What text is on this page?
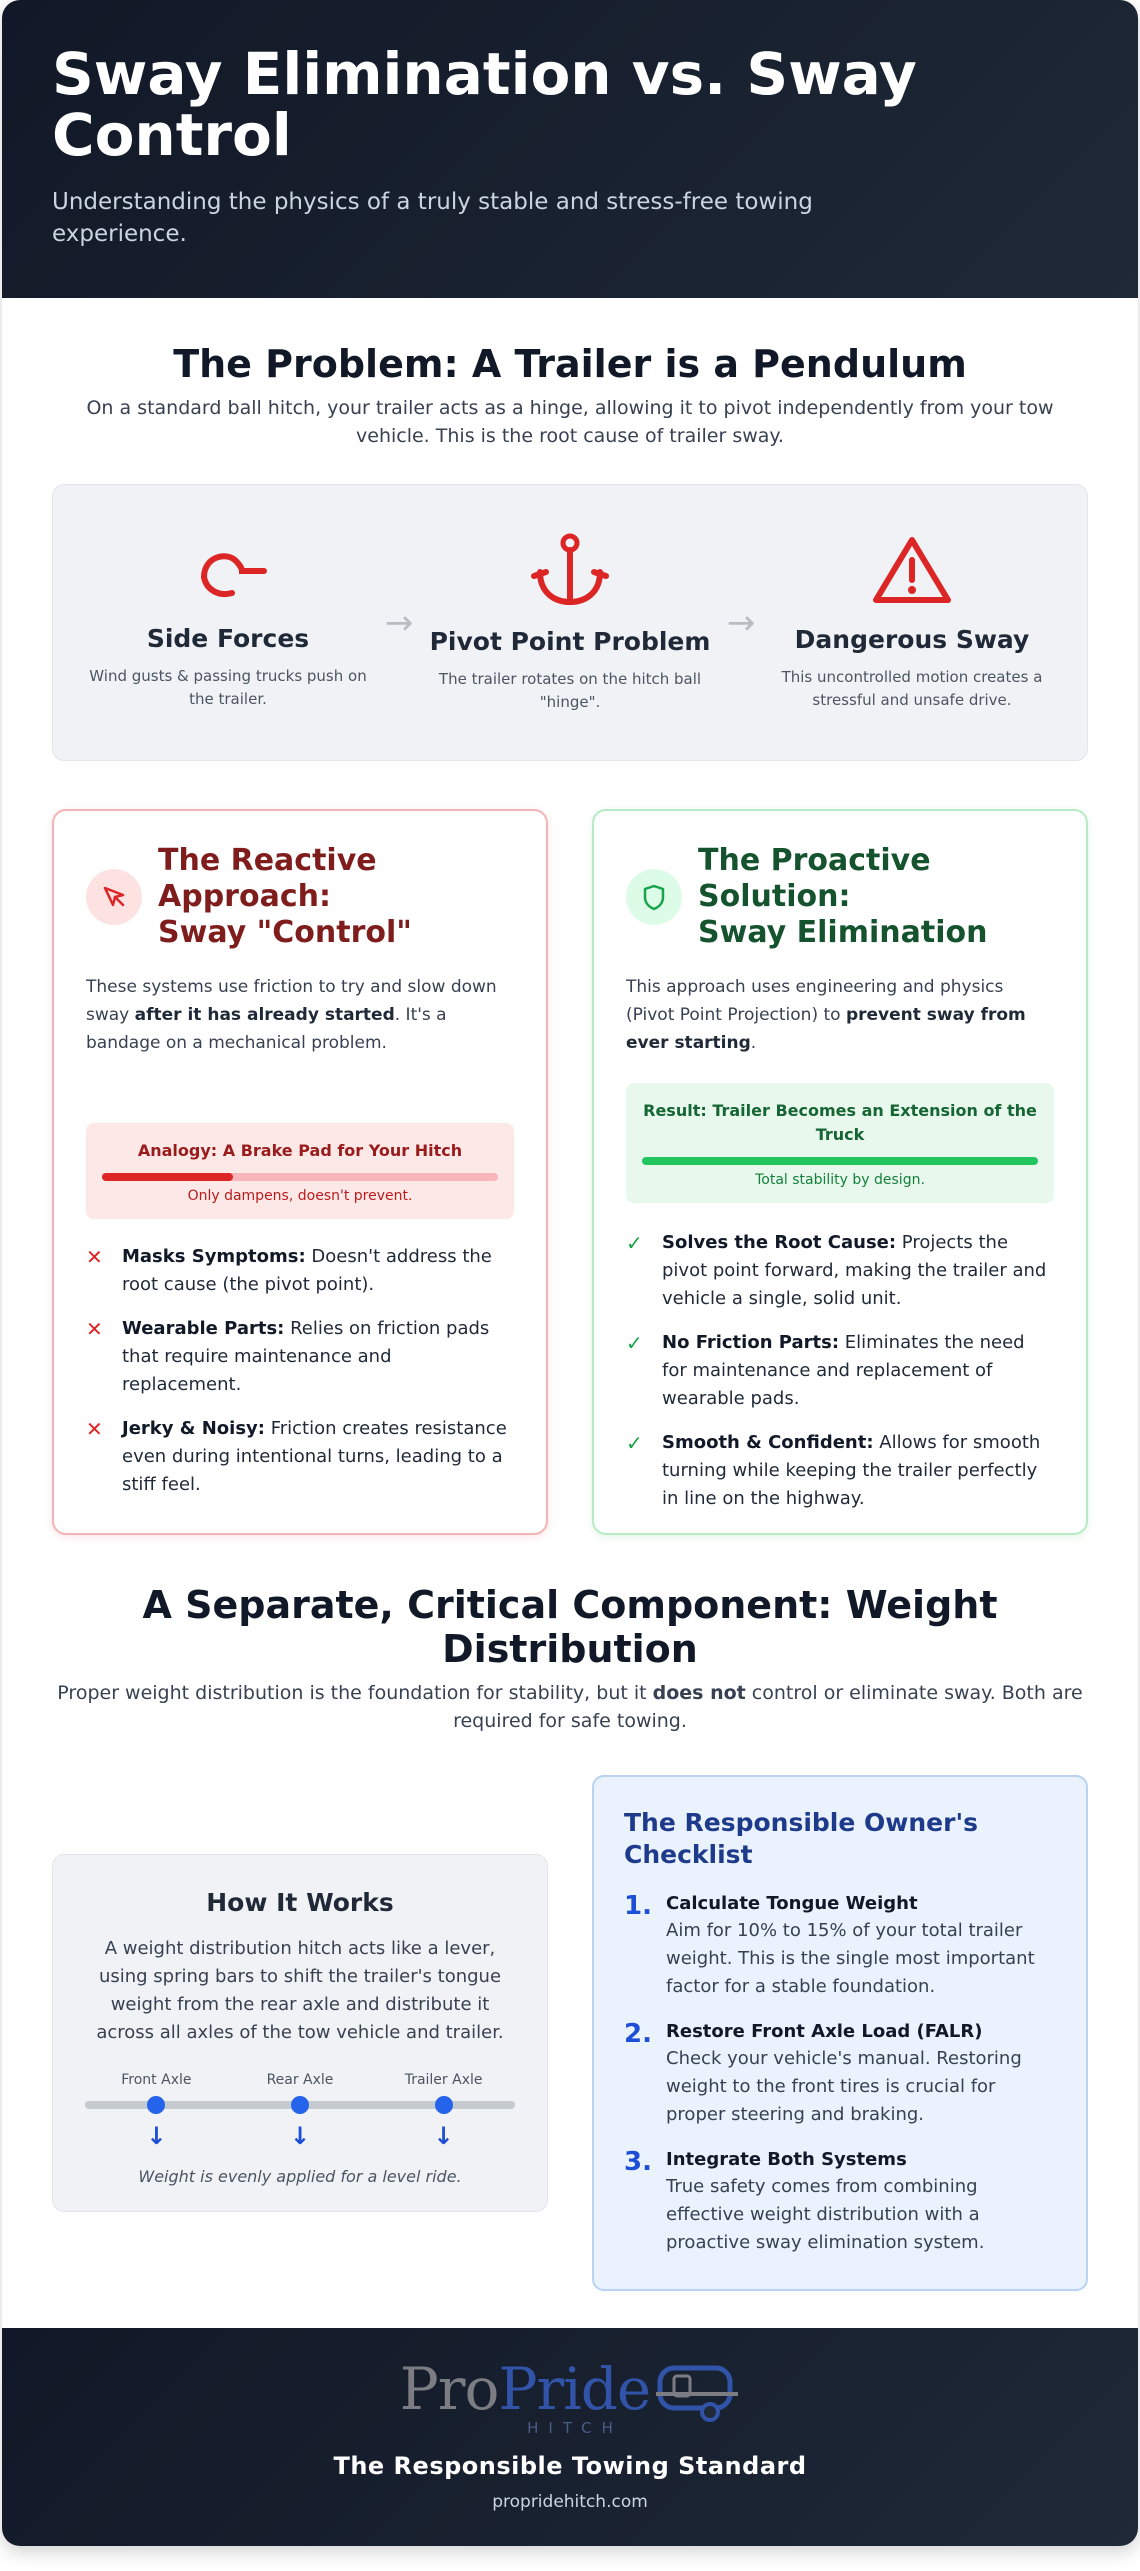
Sway Elimination vs. Sway Control

Understanding the physics of a truly stable and stress-free towing experience.

The Problem: A Trailer is a Pendulum

On a standard ball hitch, your trailer acts as a hinge, allowing it to pivot independently from your tow vehicle. This is the root cause of trailer sway.

Side Forces

Wind gusts & passing trucks push on the trailer.

→ Pivot Point Problem

The trailer rotates on the hitch ball "hinge".

→	Dangerous Sway

This uncontrolled motion creates a stressful and unsafe drive.

The Reactive Approach:
Sway "Control"

These systems use friction to try and slow down sway after it has already started. It's a bandage on a mechanical problem.

Analogy: A Brake Pad for Your Hitch
Only dampens, doesn't prevent.
✕	Masks Symptoms: Doesn't address the root cause (the pivot point).
✕	Wearable Parts: Relies on friction pads that require maintenance and replacement.
✕	Jerky & Noisy: Friction creates resistance even during intentional turns, leading to a stiff feel.
The Proactive Solution:
Sway Elimination

This approach uses engineering and physics (Pivot Point Projection) to prevent sway from ever starting.

Result: Trailer Becomes an Extension of the Truck
Total stability by design.
✓	Solves the Root Cause: Projects the pivot point forward, making the trailer and vehicle a single, solid unit.
✓	No Friction Parts: Eliminates the need for maintenance and replacement of wearable pads.
✓	Smooth & Confident: Allows for smooth turning while keeping the trailer perfectly in line on the highway.
A Separate, Critical Component: Weight Distribution

Proper weight distribution is the foundation for stability, but it does not control or eliminate sway. Both are required for safe towing.

How It Works

A weight distribution hitch acts like a lever, using spring bars to shift the trailer's tongue weight from the rear axle and distribute it across all axles of the tow vehicle and trailer.

Front Axle
↓
Rear Axle
↓
Trailer Axle
↓
Weight is evenly applied for a level ride.
The Responsible Owner's Checklist
1. Calculate Tongue Weight
Aim for 10% to 15% of your total trailer weight. This is the single most important factor for a stable foundation.
2. Restore Front Axle Load (FALR)
Check your vehicle's manual. Restoring weight to the front tires is crucial for proper steering and braking.
3. Integrate Both Systems
True safety comes from combining effective weight distribution with a proactive sway elimination system.
ProPride
HITCH
The Responsible Towing Standard
propridehitch.com
